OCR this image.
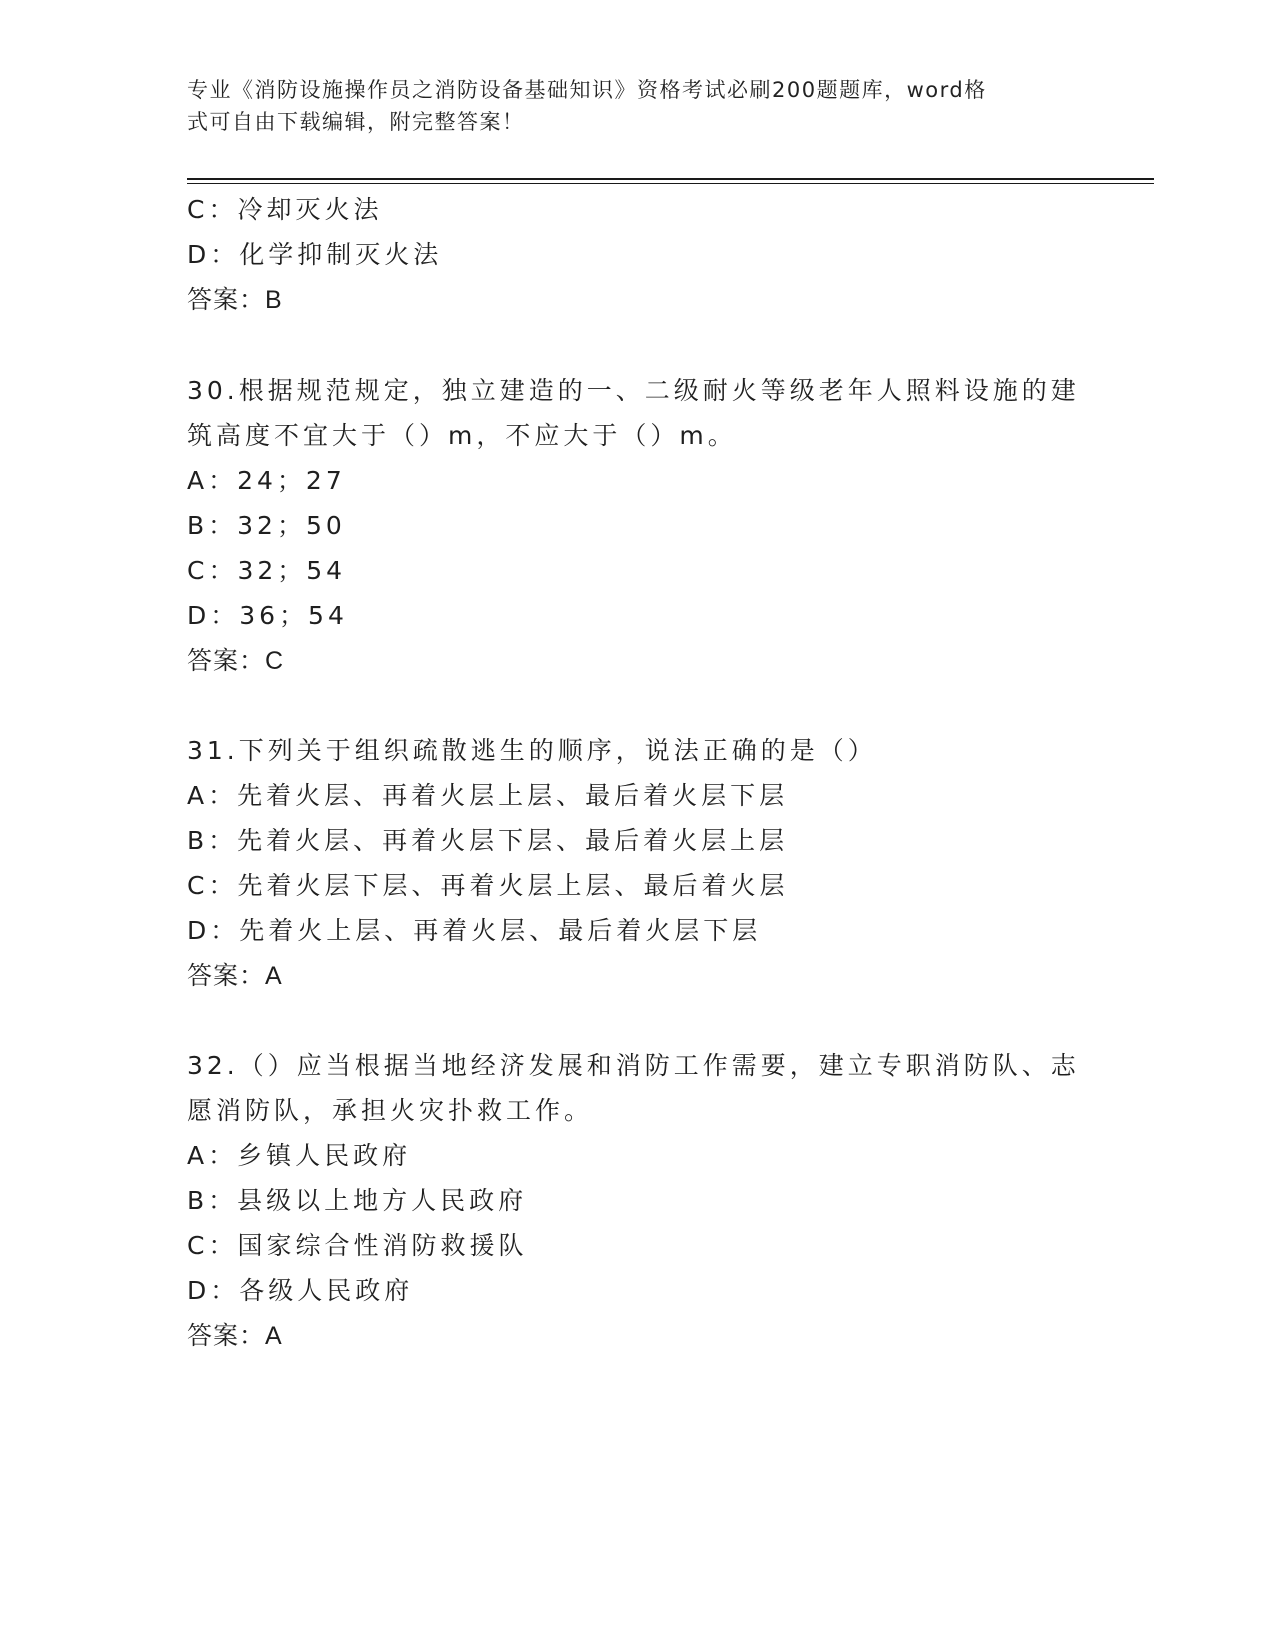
专业《消防设施操作员之消防设备基础知识》资格考试必刷200题题库，word格
式可自由下载编辑，附完整答案！
C：冷却灭火法
D：化学抑制灭火法
答案：B
30.根据规范规定，独立建造的一、二级耐火等级老年人照料设施的建
筑高度不宜大于（）m，不应大于（）m。
A：24；27
B：32；50
C：32；54
D：36；54
答案：C
31.下列关于组织疏散逃生的顺序，说法正确的是（）
A：先着火层、再着火层上层、最后着火层下层
B：先着火层、再着火层下层、最后着火层上层
C：先着火层下层、再着火层上层、最后着火层
D：先着火上层、再着火层、最后着火层下层
答案：A
32.（）应当根据当地经济发展和消防工作需要，建立专职消防队、志
愿消防队，承担火灾扑救工作。
A：乡镇人民政府
B：县级以上地方人民政府
C：国家综合性消防救援队
D：各级人民政府
答案：A
